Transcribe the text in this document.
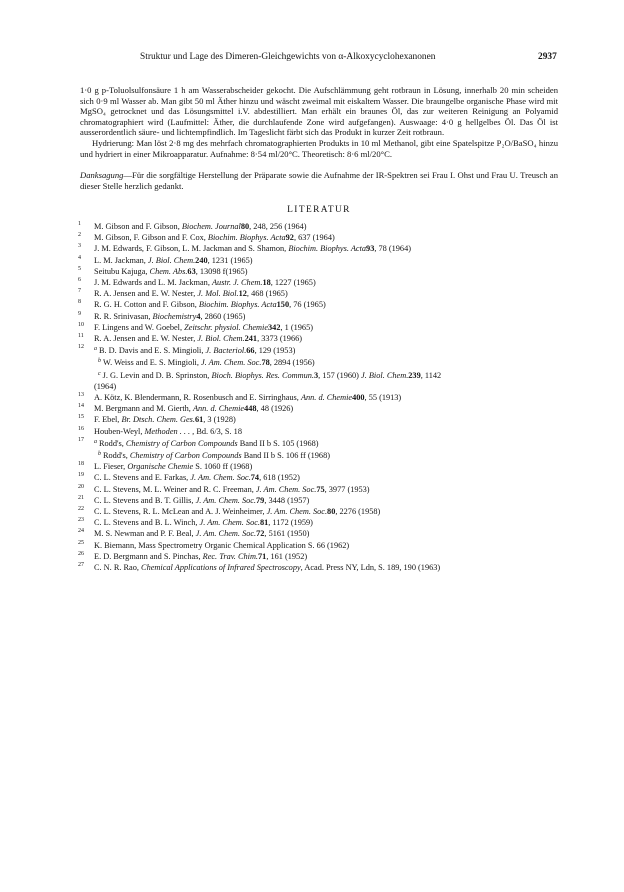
Struktur und Lage des Dimeren-Gleichgewichts von α-Alkoxycyclohexanonen	2937

1·0 g p-Toluolsulfonsäure 1 h am Wasserabscheider gekocht. Die Aufschlämmung geht rotbraun in Lösung, innerhalb 20 min scheiden sich 0·9 ml Wasser ab. Man gibt 50 ml Äther hinzu und wäscht zweimal mit eiskaltem Wasser. Die braungelbe organische Phase wird mit MgSO₄ getrocknet und das Lösungsmittel i.V. abdestilliert. Man erhält ein braunes Öl, das zur weiteren Reinigung an Polyamid chromatographiert wird (Laufmittel: Äther, die durchlaufende Zone wird aufgefangen). Auswaage: 4·0 g hellgelbes Öl. Das Öl ist ausserordentlich säure- und lichtempfindlich. Im Tageslicht färbt sich das Produkt in kurzer Zeit rotbraun.

Hydrierung: Man löst 2·8 mg des mehrfach chromatographierten Produkts in 10 ml Methanol, gibt eine Spatelspitze P₂O/BaSO₄ hinzu und hydriert in einer Mikroapparatur. Aufnahme: 8·54 ml/20°C. Theoretisch: 8·6 ml/20°C.

Danksagung—Für die sorgfältige Herstellung der Präparate sowie die Aufnahme der IR-Spektren sei Frau I. Ohst und Frau U. Treusch an dieser Stelle herzlich gedankt.

LITERATUR
1	M. Gibson and F. Gibson, Biochem. Journal80, 248, 256 (1964)
2	M. Gibson, F. Gibson and F. Cox, Biochim. Biophys. Acta92, 637 (1964)
3	J. M. Edwards, F. Gibson, L. M. Jackman and S. Shamon, Biochim. Biophys. Acta93, 78 (1964)
4	L. M. Jackman, J. Biol. Chem.240, 1231 (1965)
5	Seitubu Kajuga, Chem. Abs.63, 13098 f(1965)
6	J. M. Edwards and L. M. Jackman, Austr. J. Chem.18, 1227 (1965)
7	R. A. Jensen and E. W. Nester, J. Mol. Biol.12, 468 (1965)
8	R. G. H. Cotton and F. Gibson, Biochim. Biophys. Acta150, 76 (1965)
9	R. R. Srinivasan, Biochemistry4, 2860 (1965)
10	F. Lingens and W. Goebel, Zeitschr. physiol. Chemie342, 1 (1965)
11	R. A. Jensen and E. W. Nester, J. Biol. Chem.241, 3373 (1966)
12	$^a$ B. D. Davis and E. S. Mingioli, J. Bacteriol.66, 129 (1953)
$^b$ W. Weiss and E. S. Mingioli, J. Am. Chem. Soc.78, 2894 (1956)
$^c$ J. G. Levin and D. B. Sprinston, Bioch. Biophys. Res. Commun.3, 157 (1960) J. Biol. Chem.239, 1142
(1964)
13	A. Kötz, K. Blendermann, R. Rosenbusch and E. Sirringhaus, Ann. d. Chemie400, 55 (1913)
14	M. Bergmann and M. Gierth, Ann. d. Chemie448, 48 (1926)
15	F. Ebel, Br. Dtsch. Chem. Ges.61, 3 (1928)
16	Houben-Weyl, Methoden . . . , Bd. 6/3, S. 18
17	$^a$ Rodd's, Chemistry of Carbon Compounds Band II b S. 105 (1968)
$^b$ Rodd's, Chemistry of Carbon Compounds Band II b S. 106 ff (1968)
18	L. Fieser, Organische Chemie S. 1060 ff (1968)
19	C. L. Stevens and E. Farkas, J. Am. Chem. Soc.74, 618 (1952)
20	C. L. Stevens, M. L. Weiner and R. C. Freeman, J. Am. Chem. Soc.75, 3977 (1953)
21	C. L. Stevens and B. T. Gillis, J. Am. Chem. Soc.79, 3448 (1957)
22	C. L. Stevens, R. L. McLean and A. J. Weinheimer, J. Am. Chem. Soc.80, 2276 (1958)
23	C. L. Stevens and B. L. Winch, J. Am. Chem. Soc.81, 1172 (1959)
24	M. S. Newman and P. F. Beal, J. Am. Chem. Soc.72, 5161 (1950)
25	K. Biemann, Mass Spectrometry Organic Chemical Application S. 66 (1962)
26	E. D. Bergmann and S. Pinchas, Rec. Trav. Chim.71, 161 (1952)
27	C. N. R. Rao, Chemical Applications of Infrared Spectroscopy, Acad. Press NY, Ldn, S. 189, 190 (1963)
